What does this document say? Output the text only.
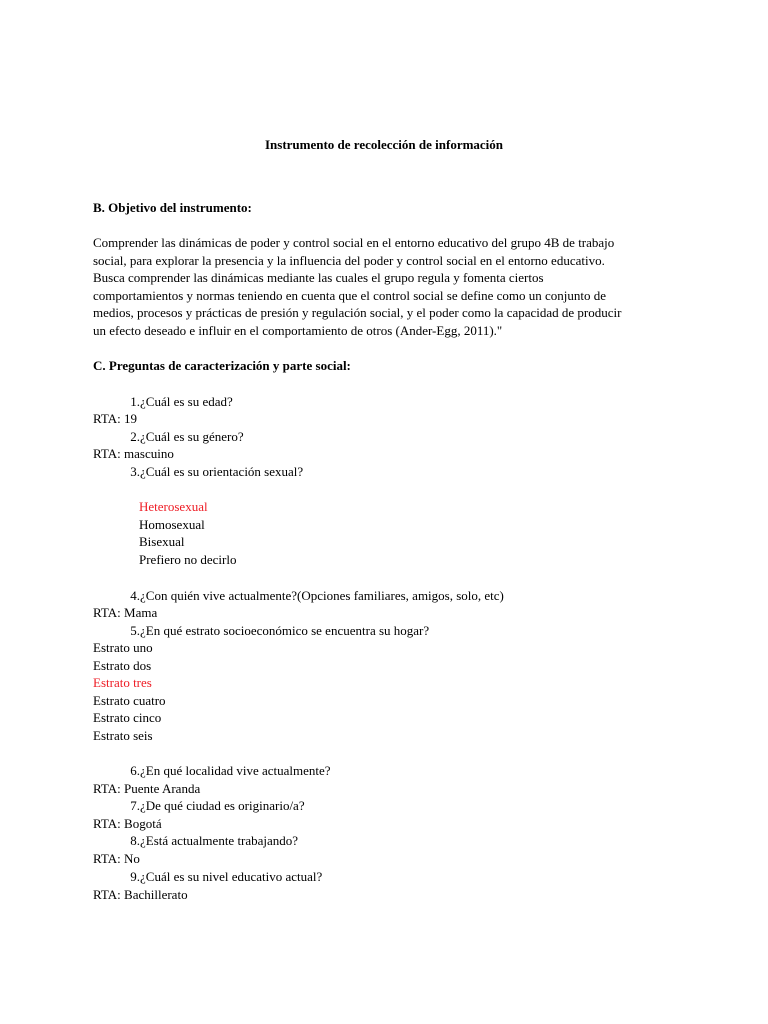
Instrumento de recolección de información
B. Objetivo del instrumento:
Comprender las dinámicas de poder y control social en el entorno educativo del grupo 4B de trabajo
social, para explorar la presencia y la influencia del poder y control social en el entorno educativo.
Busca comprender las dinámicas mediante las cuales el grupo regula y fomenta ciertos
comportamientos y normas teniendo en cuenta que el control social se define como un conjunto de
medios, procesos y prácticas de presión y regulación social, y el poder como la capacidad de producir
un efecto deseado e influir en el comportamiento de otros (Ander-Egg, 2011)."
C. Preguntas de caracterización y parte social:
1. ¿Cuál es su edad?
RTA: 19
2. ¿Cuál es su género?
RTA: mascuino
3. ¿Cuál es su orientación sexual?
Heterosexual
Homosexual
Bisexual
Prefiero no decirlo
4. ¿Con quién vive actualmente?(Opciones familiares, amigos, solo, etc)
RTA: Mama
5. ¿En qué estrato socioeconómico se encuentra su hogar?
Estrato uno
Estrato dos
Estrato tres
Estrato cuatro
Estrato cinco
Estrato seis
6. ¿En qué localidad vive actualmente?
RTA: Puente Aranda
7. ¿De qué ciudad es originario/a?
RTA: Bogotá
8. ¿Está actualmente trabajando?
RTA: No
9. ¿Cuál es su nivel educativo actual?
RTA: Bachillerato
